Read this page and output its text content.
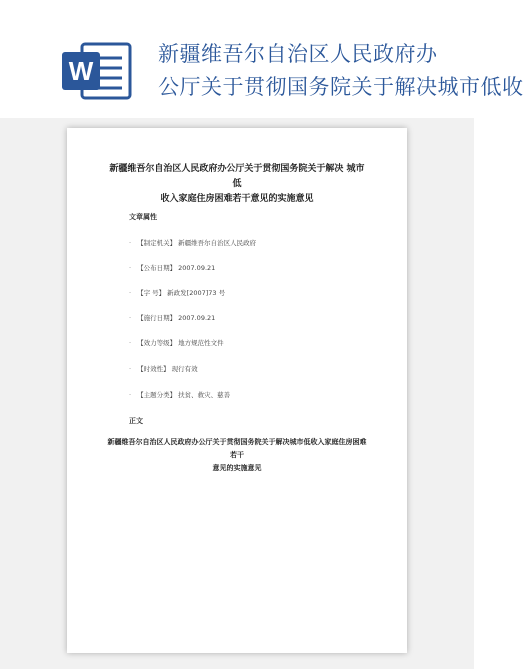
W
新疆维吾尔自治区人民政府办
公厅关于贯彻国务院关于解决城市低收
新疆维吾尔自治区人民政府办公厅关于贯彻国务院关于解决 城市低
收入家庭住房困难若干意见的实施意见
文章属性
· 【制定机关】 新疆维吾尔自治区人民政府
· 【公布日期】 2007.09.21
· 【字 号】 新政发[2007]73 号
· 【施行日期】 2007.09.21
· 【效力等级】 地方规范性文件
· 【时效性】 现行有效
· 【主题分类】 扶贫、救灾、慈善
正文
新疆维吾尔自治区人民政府办公厅关于贯彻国务院关于解决城市低收入家庭住房困难若干
意见的实施意见
